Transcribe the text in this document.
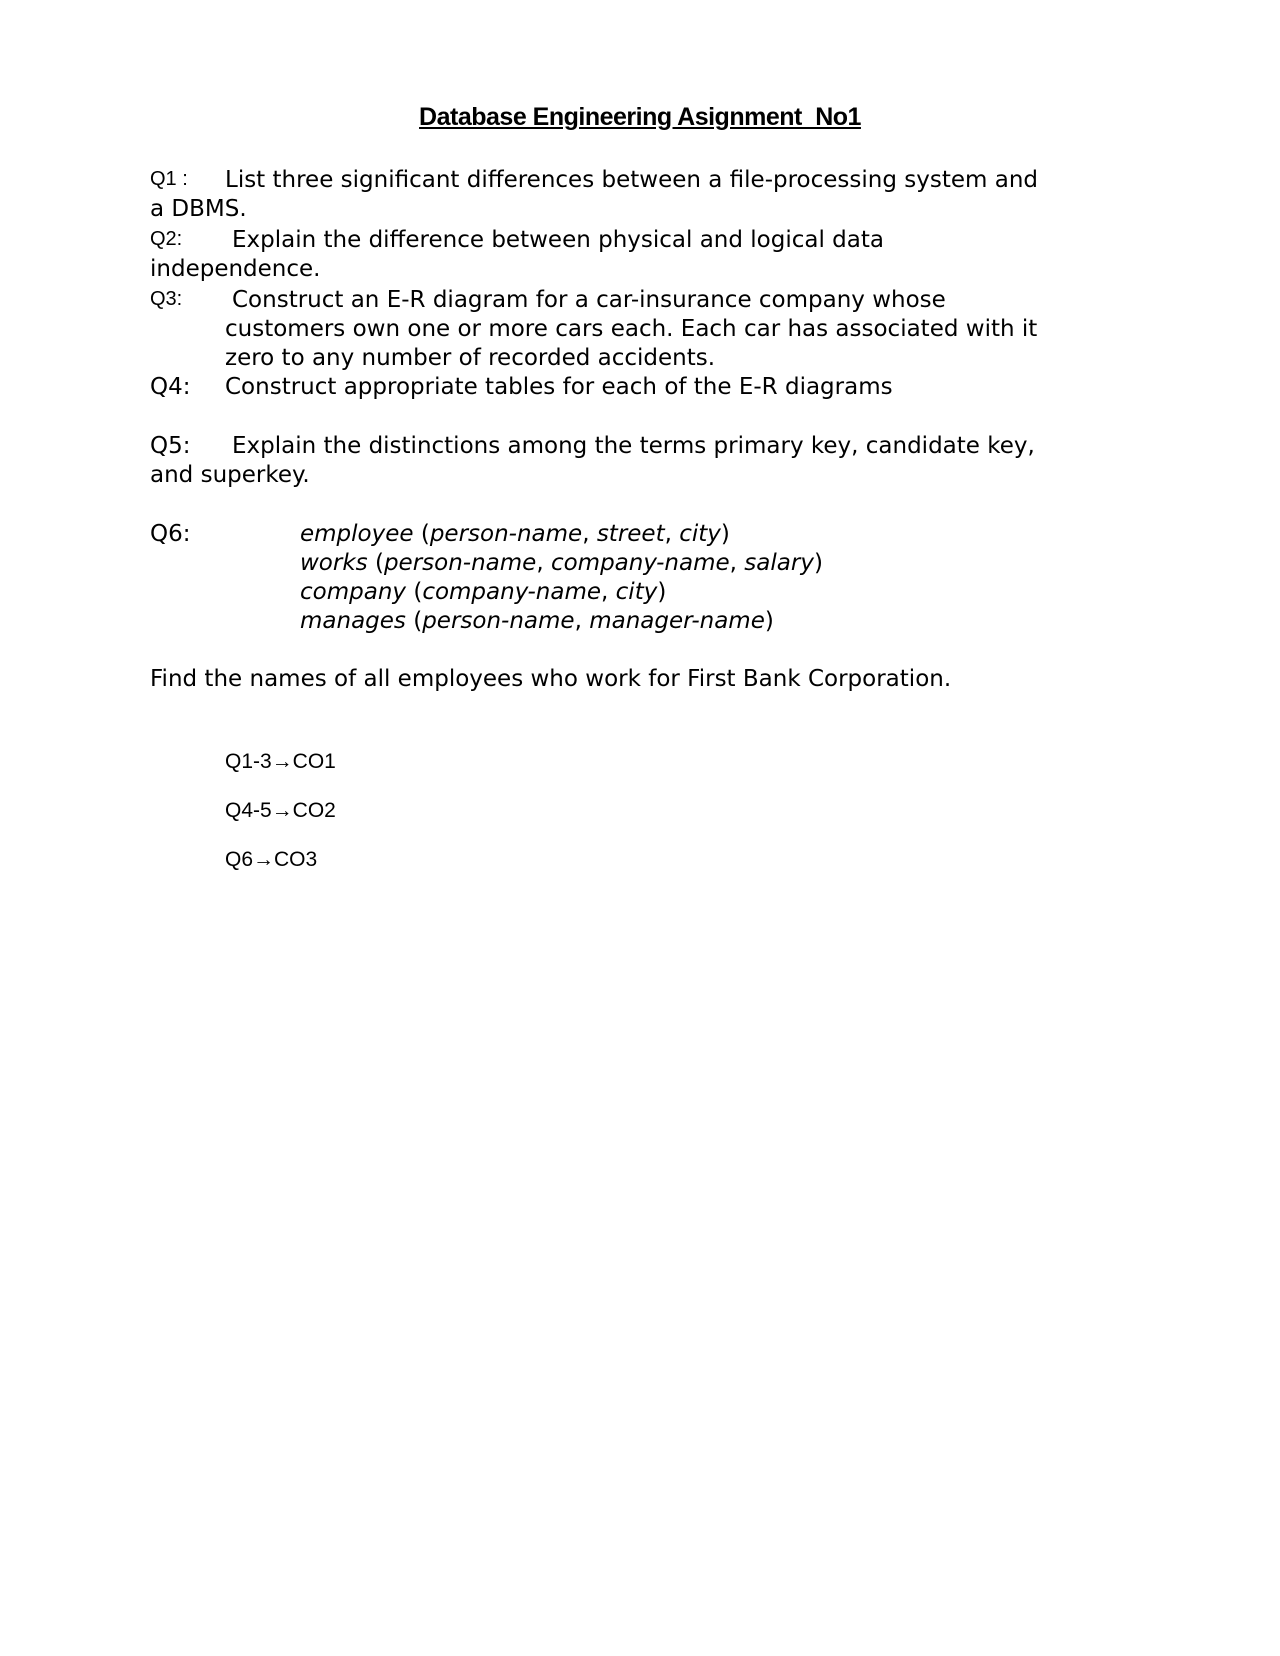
Database Engineering Asignment_No1
Q1 : List three significant differences between a file-processing system and
a DBMS.
Q2: Explain the difference between physical and logical data
independence.
Q3: Construct an E-R diagram for a car-insurance company whose
customers own one or more cars each. Each car has associated with it
zero to any number of recorded accidents.
Q4: Construct appropriate tables for each of the E-R diagrams
Q5: Explain the distinctions among the terms primary key, candidate key,
and superkey.
Q6:	employee (person-name, street, city)
works (person-name, company-name, salary)
company (company-name, city)
manages (person-name, manager-name)
Find the names of all employees who work for First Bank Corporation.
Q1-3→CO1
Q4-5→CO2
Q6→CO3
